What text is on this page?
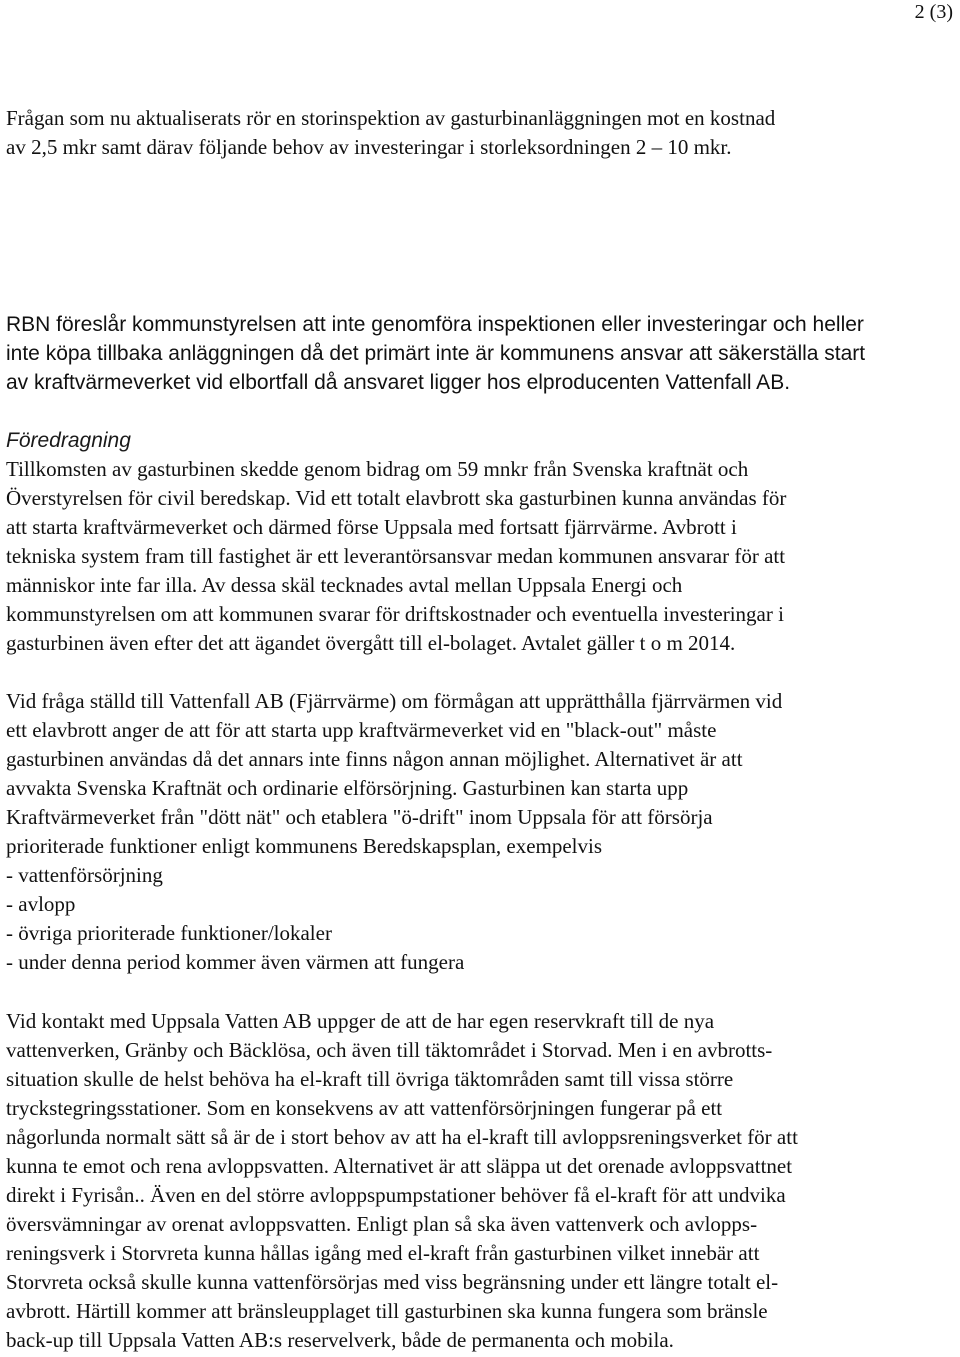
2 (3)
Frågan som nu aktualiserats rör en storinspektion av gasturbinanläggningen mot en kostnad
av 2,5 mkr samt därav följande behov av investeringar i storleksordningen 2 – 10 mkr.
RBN föreslår kommunstyrelsen att inte genomföra inspektionen eller investeringar och heller
inte köpa tillbaka anläggningen då det primärt inte är kommunens ansvar att säkerställa start
av kraftvärmeverket vid elbortfall då ansvaret ligger hos elproducenten Vattenfall AB.
Föredragning
Tillkomsten av gasturbinen skedde genom bidrag om 59 mnkr från Svenska kraftnät och
Överstyrelsen för civil beredskap. Vid ett totalt elavbrott ska gasturbinen kunna användas för
att starta kraftvärmeverket och därmed förse Uppsala med fortsatt fjärrvärme. Avbrott i
tekniska system fram till fastighet är ett leverantörsansvar medan kommunen ansvarar för att
människor inte far illa. Av dessa skäl tecknades avtal mellan Uppsala Energi och
kommunstyrelsen om att kommunen svarar för driftskostnader och eventuella investeringar i
gasturbinen även efter det att ägandet övergått till el-bolaget. Avtalet gäller t o m 2014.
Vid fråga ställd till Vattenfall AB (Fjärrvärme) om förmågan att upprätthålla fjärrvärmen vid
ett elavbrott anger de att för att starta upp kraftvärmeverket vid en "black-out" måste
gasturbinen användas då det annars inte finns någon annan möjlighet. Alternativet är att
avvakta Svenska Kraftnät och ordinarie elförsörjning. Gasturbinen kan starta upp
Kraftvärmeverket från "dött nät" och etablera "ö-drift" inom Uppsala för att försörja
prioriterade funktioner enligt kommunens Beredskapsplan, exempelvis
- vattenförsörjning
- avlopp
- övriga prioriterade funktioner/lokaler
- under denna period kommer även värmen att fungera
Vid kontakt med Uppsala Vatten AB uppger de att de har egen reservkraft till de nya
vattenverken, Gränby och Bäcklösa, och även till täktområdet i Storvad. Men i en avbrotts-
situation skulle de helst behöva ha el-kraft till övriga täktområden samt till vissa större
tryckstegringsstationer. Som en konsekvens av att vattenförsörjningen fungerar på ett
någorlunda normalt sätt så är de i stort behov av att ha el-kraft till avloppsreningsverket för att
kunna te emot och rena avloppsvatten. Alternativet är att släppa ut det orenade avloppsvattnet
direkt i Fyrisån.. Även en del större avloppspumpstationer behöver få el-kraft för att undvika
översvämningar av orenat avloppsvatten. Enligt plan så ska även vattenverk och avlopps-
reningsverk i Storvreta kunna hållas igång med el-kraft från gasturbinen vilket innebär att
Storvreta också skulle kunna vattenförsörjas med viss begränsning under ett längre totalt el-
avbrott. Härtill kommer att bränsleupplaget till gasturbinen ska kunna fungera som bränsle
back-up till Uppsala Vatten AB:s reservelverk, både de permanenta och mobila.
